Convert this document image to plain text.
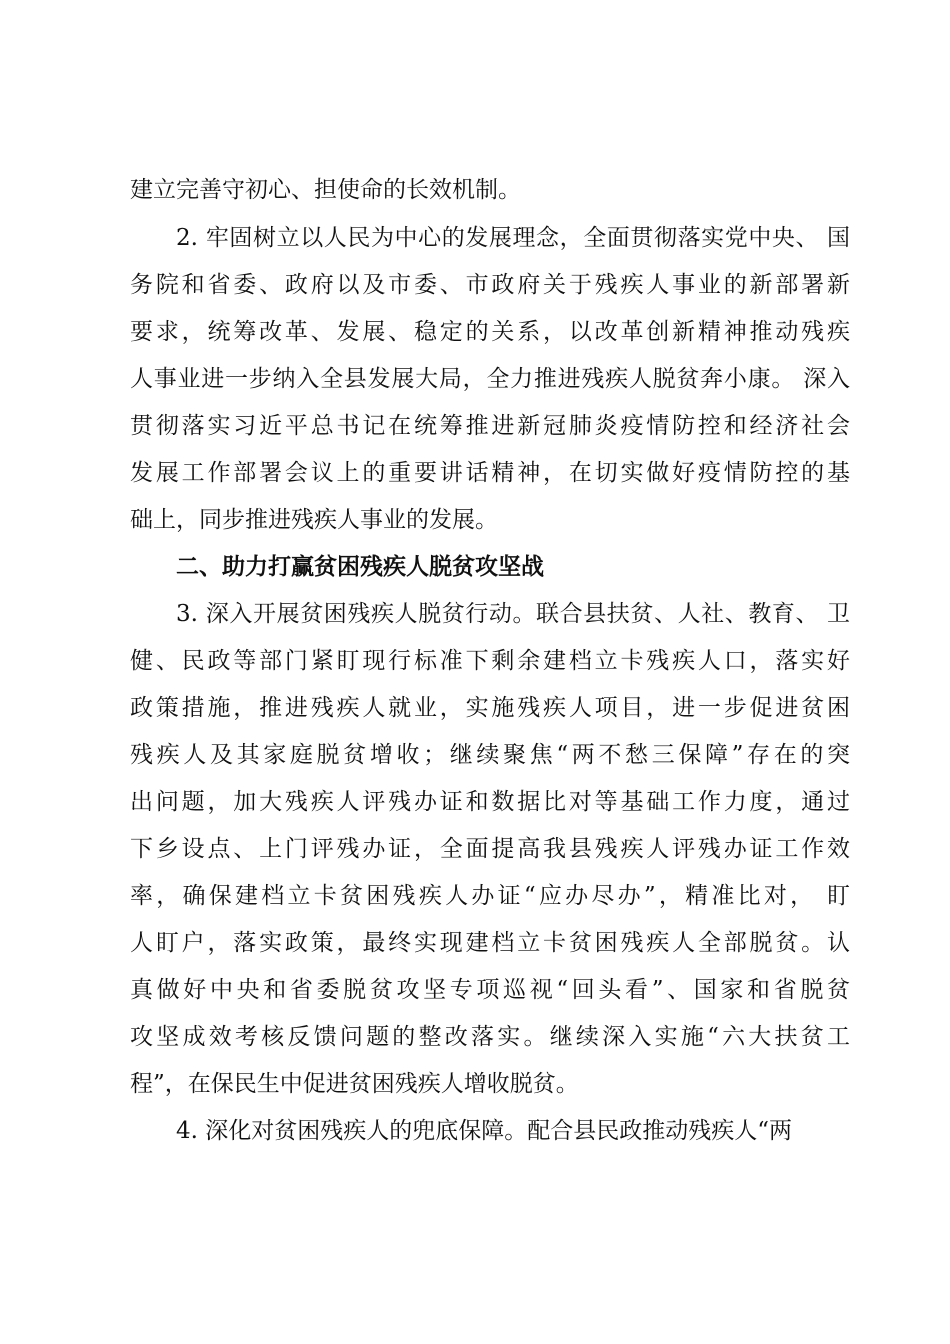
建立完善守初心、担使命的长效机制。
2. 牢固树立以人民为中心的发展理念，全面贯彻落实党中央、 国
务院和省委、政府以及市委、市政府关于残疾人事业的新部署新
要求，统筹改革、发展、稳定的关系，以改革创新精神推动残疾
人事业进一步纳入全县发展大局，全力推进残疾人脱贫奔小康。 深入
贯彻落实习近平总书记在统筹推进新冠肺炎疫情防控和经济社会
发展工作部署会议上的重要讲话精神，在切实做好疫情防控的基
础上，同步推进残疾人事业的发展。
二、助力打赢贫困残疾人脱贫攻坚战
3. 深入开展贫困残疾人脱贫行动。联合县扶贫、人社、教育、 卫
健、民政等部门紧盯现行标准下剩余建档立卡残疾人口，落实好
政策措施，推进残疾人就业，实施残疾人项目，进一步促进贫困
残疾人及其家庭脱贫增收；继续聚焦“两不愁三保障”存在的突
出问题，加大残疾人评残办证和数据比对等基础工作力度，通过
下乡设点、上门评残办证，全面提高我县残疾人评残办证工作效
率，确保建档立卡贫困残疾人办证“应办尽办”，精准比对， 盯
人盯户，落实政策，最终实现建档立卡贫困残疾人全部脱贫。认
真做好中央和省委脱贫攻坚专项巡视“回头看”、国家和省脱贫
攻坚成效考核反馈问题的整改落实。继续深入实施“六大扶贫工
程”，在保民生中促进贫困残疾人增收脱贫。
4. 深化对贫困残疾人的兜底保障。配合县民政推动残疾人“两
